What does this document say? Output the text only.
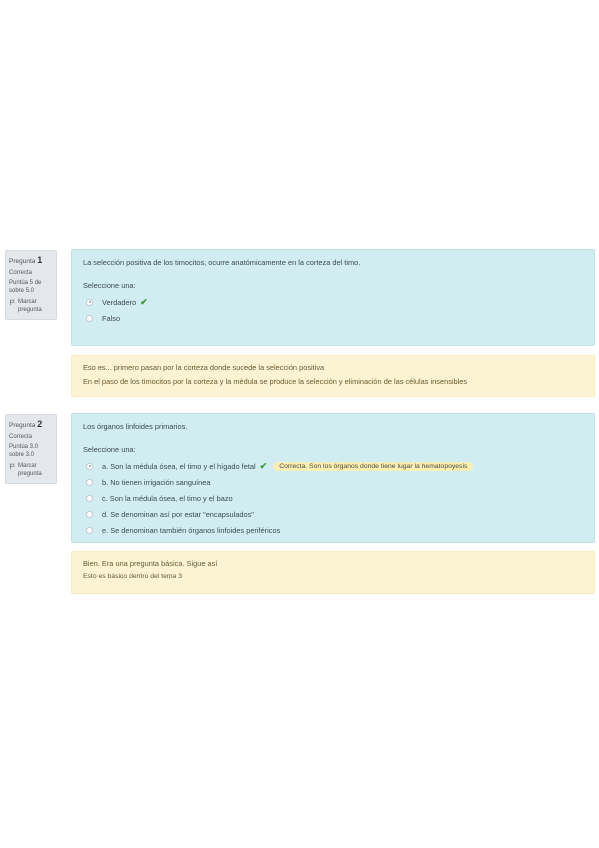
Pregunta 1
Correcta
Puntúa 5 de
sobre 5.0
Marcar pregunta

La selección positiva de los timocitos, ocurre anatómicamente en la corteza del timo.

Seleccione una:

Verdadero ✔
Falso

Eso es... primero pasan por la corteza donde sucede la selección positiva

En el paso de los timocitos por la corteza y la médula se produce la selección y eliminación de las células insensibles

Pregunta 2
Correcta
Puntúa 3.0
sobre 3.0
Marcar pregunta

Los órganos linfoides primarios.

Seleccione una:

a. Son la médula ósea, el timo y el hígado fetal ✔	Correcta. Son los órganos donde tiene lugar la hematopoyesis
b. No tienen irrigación sanguínea
c. Son la médula ósea, el timo y el bazo
d. Se denominan así por estar "encapsulados"
e. Se denominan también órganos linfoides periféricos

Bien. Era una pregunta básica. Sigue así

Esto es básico dentro del tema 3
